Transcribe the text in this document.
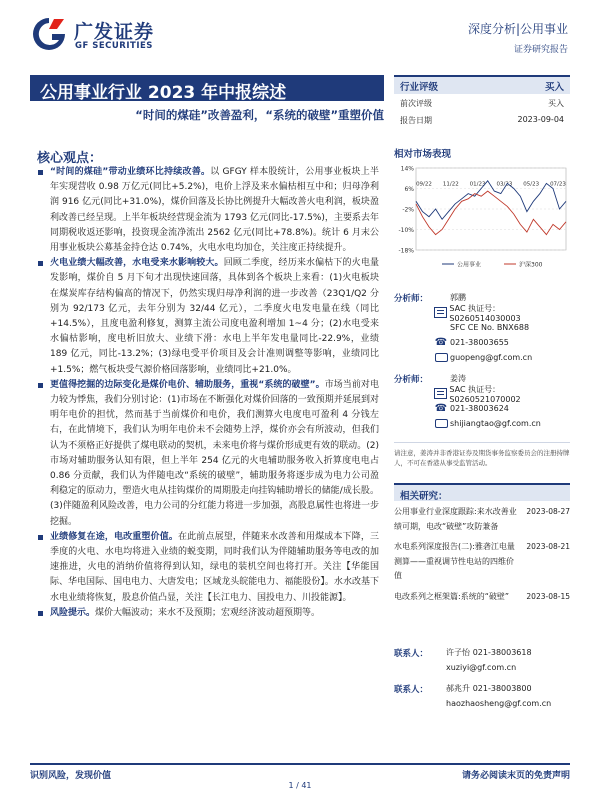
广发证券
GF SECURITIES
深度分析|公用事业
证券研究报告
公用事业行业 2023 年中报综述
“时间的煤硅”改善盈利，“系统的破壁”重塑价值
行业评级	买入
前次评级	买入
报告日期	2023-09-04
核心观点：
“时间的煤硅”带动业绩环比持续改善。以 GFGY 样本股统计，公用事业板块上半年实现营收 0.98 万亿元(同比+5.2%)，电价上浮及来水偏枯相互中和；归母净利润 916 亿元(同比+31.0%)，煤价回落及长协比例提升大幅改善火电利润，板块盈利改善已经呈现。上半年板块经营现金流为 1793 亿元(同比-17.5%)，主要系去年同期税收返还影响，投资现金流净流出 2562 亿元(同比+78.8%)。统计 6 月末公用事业板块公募基金持仓达 0.74%，火电水电均加仓，关注度正持续提升。
火电业绩大幅改善，水电受来水影响较大。回顾二季度，经历来水偏枯下的火电量发影响，煤价自 5 月下旬才出现快速回落，具体到各个板块上来看：(1)火电板块在煤炭库存结构偏高的情况下，仍然实现归母净利润的进一步改善（23Q1/Q2 分别为 92/173 亿元，去年分别为 32/44 亿元），二季度火电发电量在线（同比+14.5%），且度电盈利修复，测算主流公司度电盈利增加 1~4 分；(2)水电受来水偏枯影响，度电析旧放大、业绩下滑：水电上半年发电量同比-22.9%，业绩 189 亿元，同比-13.2%；(3)绿电受平价项目及会计准则调整等影响，业绩同比+1.5%；燃气板块受气源价格回落影响，业绩同比+21.0%。
更值得挖掘的边际变化是煤价电价、辅助服务，重视“系统的破壁”。市场当前对电力较为悸焦，我们分别讨论：(1)市场在不断强化对煤价回落的一致预期并延展到对明年电价的担忧，然而基于当前煤价和电价，我们测算火电度电可盈利 4 分钱左右，在此情境下，我们认为明年电价未不会随势上浮，煤价亦会有所波动，但我们认为不须格正好提供了煤电联动的契机，未来电价将与煤价形成更有效的联动。(2)市场对辅助服务认知有限，但上半年 254 亿元的火电辅助服务收入折算度电电占 0.86 分贡献，我们认为伴随电改“系统的破壁”，辅助服务将逐步成为电力公司盈利稳定的原动力，塑造火电从挂钩煤价的周期股走向挂钩辅助增长的储能/成长股。(3)伴随盈利风险改善，电力公司的分红能力将进一步加强，高股息属性也将进一步挖掘。
业绩修复在途，电改重塑价值。在此前点展望，伴随来水改善和用煤成本下降，三季度的火电、水电均将进入业绩的蜕变期，同时我们认为伴随辅助服务等电改的加速推进，火电的消纳价值将得到认知，绿电的装机空间也将打开。关注【华能国际、华电国际、国电电力、大唐发电；区域龙头皖能电力、福能股份】。水水改基下水电业绩将恢复，股息价值凸显，关注【长江电力、国投电力、川投能源】。
风险提示。煤价大幅波动；来水不及预期；宏观经济波动超预期等。
相对市场表现
14%
6%
-2%
-10%
-18%
09/22 11/22 01/23 03/23 05/23 07/23
公用事业	沪深300
分析师：	郭鹏
SAC 执证号：S0260514030003
SFC CE No. BNX688
☎ 021-38003655
guopeng@gf.com.cn
分析师：	姜涛
SAC 执证号：S0260521070002
☎ 021-38003624
shijiangtao@gf.com.cn
请注意，姜涛并非香港证券及期货事务监察委员会的注册持牌人，不可在香港从事受监管活动。
相关研究：
公用事业行业深度跟踪:来水改善业绩可期，电改“破壁”攻防兼备
2023-08-27
水电系列深度报告(二):雅砻江电量测算——重视调节性电站的四维价值
2023-08-21
电改系列之框架篇:系统的“破壁” 2023-08-15
联系人：	许子怡
021-38003618
xuziyi@gf.com.cn
联系人：	郝兆升
021-38003800
haozhaosheng@gf.com.cn
识别风险，发现价值	请务必阅读末页的免责声明
1 / 41
